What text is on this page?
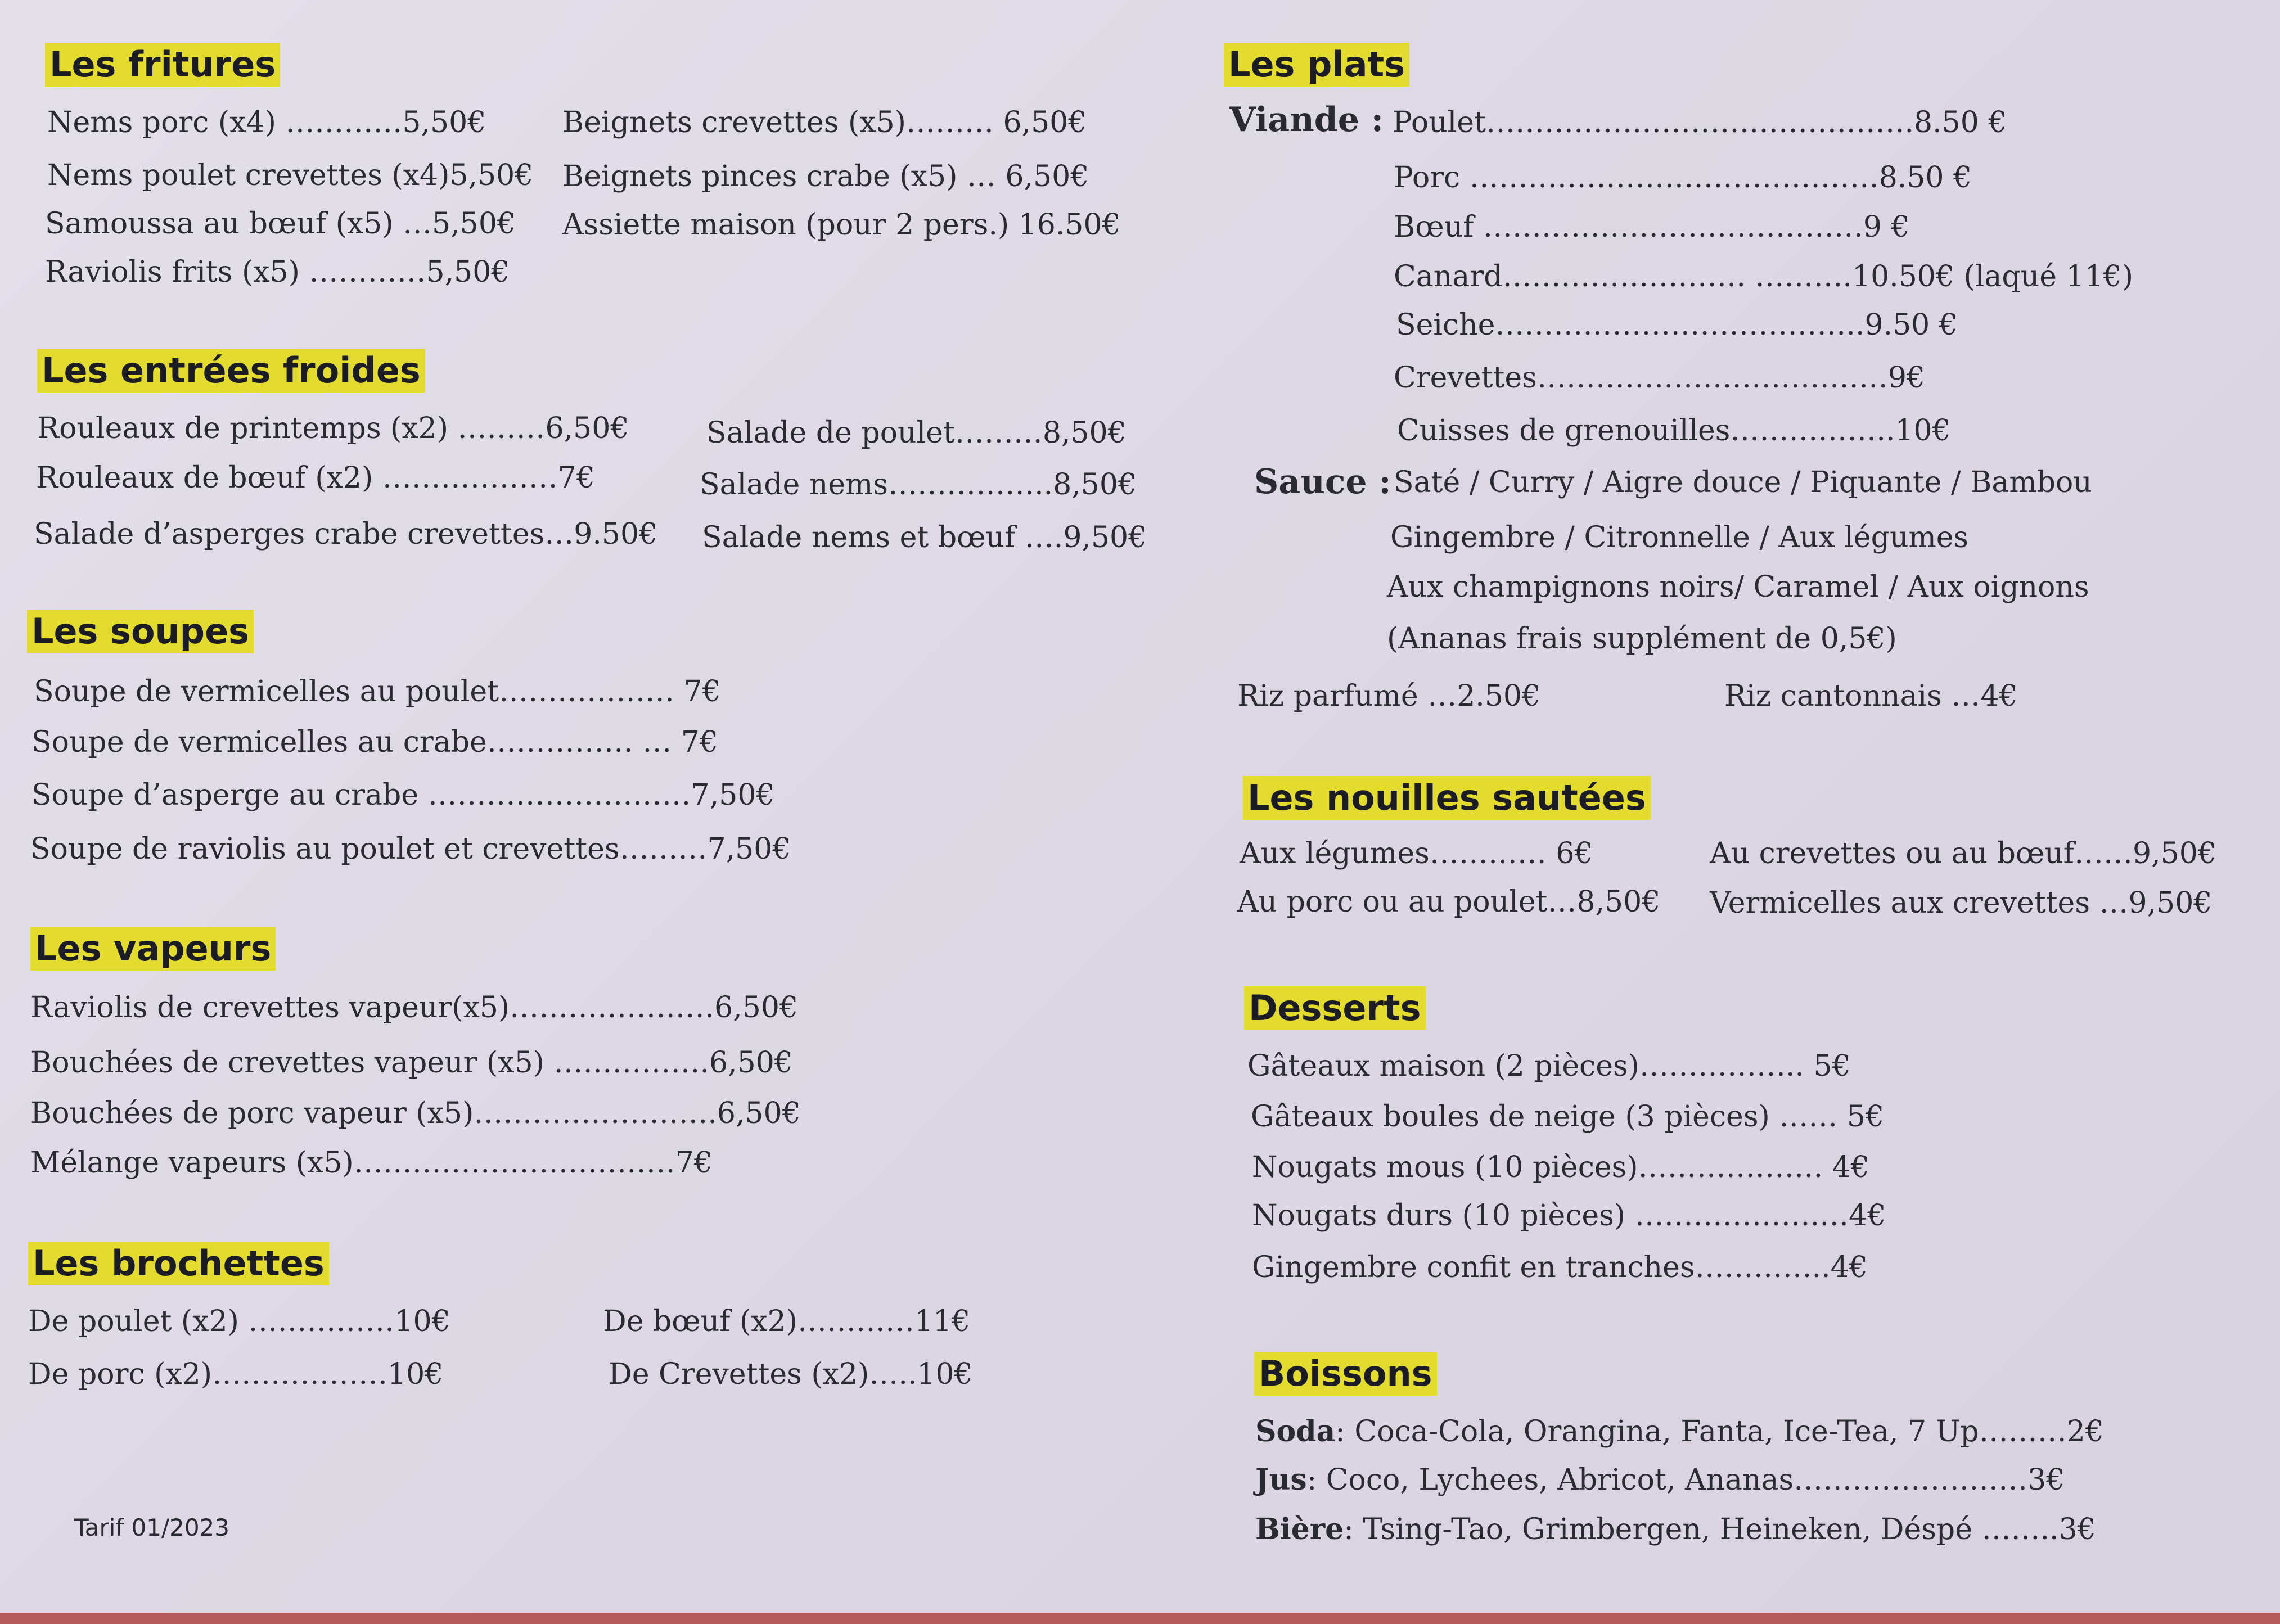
Les fritures
Nems porc (x4) …………5,50€
Nems poulet crevettes (x4)5,50€
Samoussa au bœuf (x5) …5,50€
Raviolis frits (x5) …………5,50€
Beignets crevettes (x5)……… 6,50€
Beignets pinces crabe (x5) … 6,50€
Assiette maison (pour 2 pers.) 16.50€
Les entrées froides
Rouleaux de printemps (x2) ………6,50€
Rouleaux de bœuf (x2) ………………7€
Salade d’asperges crabe crevettes…9.50€
Salade de poulet………8,50€
Salade nems……………..8,50€
Salade nems et bœuf ….9,50€
Les soupes
Soupe de vermicelles au poulet……………… 7€
Soupe de vermicelles au crabe…………… … 7€
Soupe d’asperge au crabe ………………………7,50€
Soupe de raviolis au poulet et crevettes………7,50€
Les vapeurs
Raviolis de crevettes vapeur(x5)…………………6,50€
Bouchées de crevettes vapeur (x5) …………….6,50€
Bouchées de porc vapeur (x5)…………………….6,50€
Mélange vapeurs (x5)……………………………7€
Les brochettes
De poulet (x2) ……………10€
De porc (x2)………………10€
De bœuf (x2)…………11€
De Crevettes (x2)…..10€
Tarif 01/2023
Les plats
Viande : Poulet……………………………….…….8.50 €
Porc ……………………………………8.50 €
Bœuf …………………………………9 €
Canard……………………. ……….10.50€ (laqué 11€)
Seiche………………………………..9.50 €
Crevettes………………………………9€
Cuisses de grenouilles……………..10€
Sauce : Saté / Curry / Aigre douce / Piquante / Bambou
Gingembre / Citronnelle / Aux légumes
Aux champignons noirs/ Caramel / Aux oignons
(Ananas frais supplément de 0,5€)
Riz parfumé …2.50€	Riz cantonnais …4€
Les nouilles sautées
Aux légumes………… 6€
Au porc ou au poulet…8,50€
Au crevettes ou au bœuf……9,50€
Vermicelles aux crevettes …9,50€
Desserts
Gâteaux maison (2 pièces)…………….. 5€
Gâteaux boules de neige (3 pièces) …… 5€
Nougats mous (10 pièces)………………. 4€
Nougats durs (10 pièces) ……………….…4€
Gingembre confit en tranches…………..4€
Boissons
Soda: Coca-Cola, Orangina, Fanta, Ice-Tea, 7 Up………2€
Jus: Coco, Lychees, Abricot, Ananas……………………3€
Bière: Tsing-Tao, Grimbergen, Heineken, Déspé ……..3€
